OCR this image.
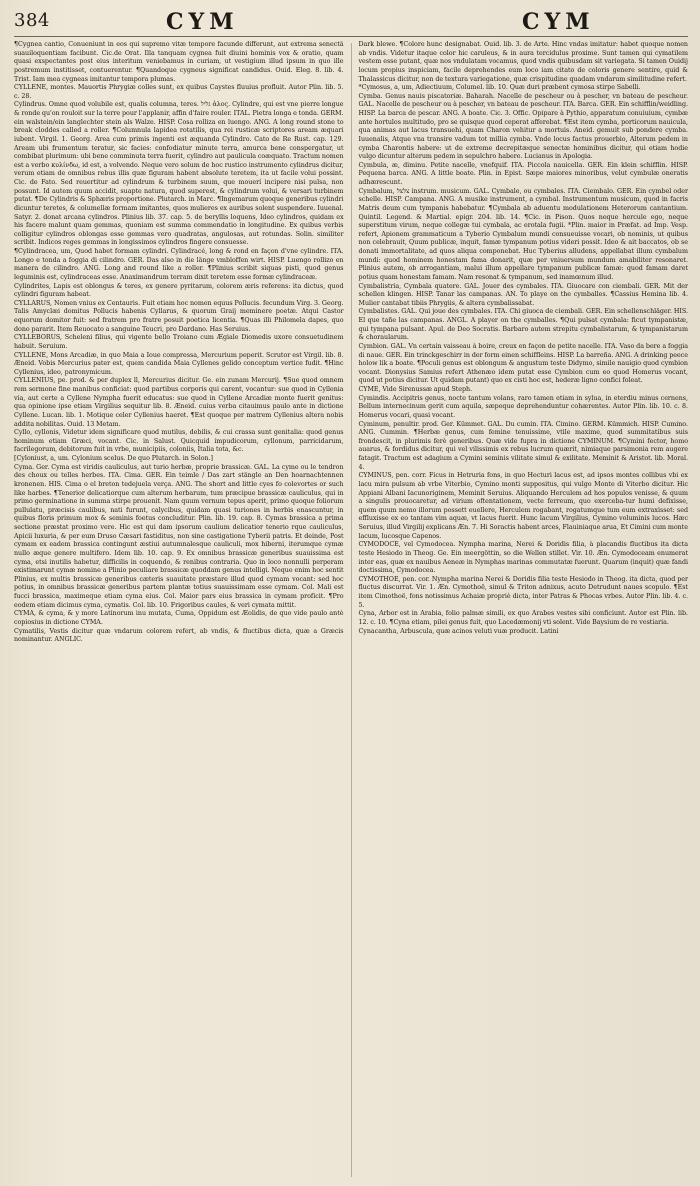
384	CYM	CYM

¶Cygnea cantio, Conueniunt in eos qui supremo vitæ tempore facunde differunt, aut extrema senectâ suauiloquentiam facibunt. Cic.de Orat. Illa tanquam cygnea fuit diuini hominis vox & oratio, quam quasi exspectantes post eius interitum veniebamus in curiam, ut vestigium illud ipsum in quo ille postremum institisset, contuerentur. ¶Quandoque cygneus significat candidus. Ouid. Eleg. 8. lib. 4. Trist. Iam mea cygneas imitantur tempora plumas.

CYLLENE, montes. Mauortis Phrygiæ colles sunt, ex quibus Caystes fluuius profluit. Autor Plin. lib. 5. c. 28.

Cylindrus. Omne quod volubile est, qualis columna, teres. גליל ἁλος. Cylindre, qui est vne pierre longue & ronde qu'on rouloit sur la terre pour l'applanir, affin d'faire rouler. ITAL. Pietra longa e tonda. GERM. ein walstein/ein langlechter stein als Walze. HISP. Cosa rolliza en luengo. ANG. A long round stone to break cloddes called a roller. ¶Columnula lapidea rotatilis, qua rei rusticæ scriptores aream æquari iubent. Virgil. 1. Georg. Area cum primis ingenti est æquanda Cylindro. Cato de Re Rust. cap. 129. Aream ubi frumentum teratur, sic facies: confodiatur minute terra, amurca bene conspergatur, ut combibat plurimum: ubi bene comminuta terra fuerit, cylindro aut paulicula coæquato. Tractum nomen est a verbo κυλίνδω, id est, a volvendo. Neque vero solum de hoc rustico instrumento cylindrus dicitur, verum etiam de omnibus rebus illis quæ figuram habent absolute teretem, ita ut facile volui possint. Cic. de Fato. Sed reuertitur ad cylindrum & turbinem suum, que mouerí incipere nisi pulsa, non possunt. Id autem quum accidit, suapte natura, quod superest, & cylindrum volui, & versari turbinem putat. ¶De Cylindris & Sphæris proportione. Plutarch. in Marc. ¶Ingemarum quoque generibus cylindri dicuntur teretes, & columellæ formam imitantes, quos mulieres ex auribus solent suspendere. Iuuenal. Satyr. 2. donat arcana cylindros. Plinius lib. 37. cap. 5. de beryllis loquens, Ideo cylindros, quidam ex his facere malunt quam gemmas, quoniam est summa commendatio in longitudine. Ex quibus verbis colligitur cylindros oblongas esse gemmas vero quadratas, angulosas, aut rotundas. Solin. similiter scribit. Indicos reges gemmas in longissimos cylindros fingere consuesse.

¶Cylindracea, um, Quod habet formam cylindri. Cylindracé, long & rond en façon d'vne cylindre. ITA. Longo e tonda a foggia di cilindro. GER. Das also in die länge vmbloffen wirt. HISP. Luengo rollizo en manera de cilindro. ANG. Long and round like a roller. ¶Plinius scribit siquas pisti, quod genus leguminis est, cylindraceas esse. Anaximandrum terram dixit teretem esse formæ cylindraceæ.

Cylindrites, Lapis est oblongus & teres, ex genere pyritarum, colorem æris referens: ita dictus, quod cylindri figuram habeat.

CYLLARUS, Nomen vnius ex Centauris. Fuit etiam hoc nomen equus Pollucis. fecundum Virg. 3. Georg. Talis Amyclæi domitus Pollucis habenis Cyllarus, & quorum Graij meminere poetæ. Atqui Castor equorum domitor fuit: sed fratrem pro fratre posuit poetica licentia. ¶Quas illi Philomela dapes, quo dono pararit. Item Reuocato a sanguine Teucri, pro Dardano. Has Seruius.

CYLLEBORUS, Scheleni filius, qui vigente bello Troiano cum Ægiale Diomedis uxore consuetudinem habuit. Seruium.

CYLLENE, Mons Arcadiæ, in quo Maia a Ioue compressa, Mercurium peperit. Scrutor est Virgil. lib. 8. Æneid. Vobis Mercurius pater est, quem candida Maia Cyllenes gelido conceptum vertice fudit. ¶Hinc Cyllenius, ideo, patronymicum.

CYLLENIUS, pe. prod. & per duplex ll, Mercurius dicitur. Ge. ein zunam Mercurij. ¶Sue quod omnem rem sermone fine manibus conficiat: quod partibus corporis qui carent, vocantur: sue quod in Cyllenia via, aut certe a Cyllene Nympha fuerit educatus: sue quod in Cyllene Arcadiæ monte fuerit genitus: qua opinione ipse etiam Virgilius sequitur lib. 8. Æneid. cuius verba citauimus paulo ante in dictione Cyllene. Lucan. lib. 1. Motique celer Cyllenius haeret. ¶Est quoque per matrem Cyllenius altera nobis addita nobilitas. Ouid. 13 Metam.

Cyllo, cyllonis, Videtur idem significare quod mutilus, debilis, & cui crassa sunt genitalia: quod genus hominum etiam Græci, vocant. Cic. in Salust. Quicquid impudicorum, cyllonum, parricidarum, facrilegorum, debitorum fuit in vrbe, municipiis, coloniis, Italia tota, &c.

[Cyloniust, a, um. Cylonium scelus. De quo Plutarch. in Solon.]

Cyma. Ger. Cyma est viridis cauliculus, aut turio herbæ, proprie brassicæ. GAL. La cyme ou le tendron des choux ou telles herbes. ITA. Cima. GER. Ein teimle / Das zart stängle an Den hoarnachtennen kronenen. HIS. Cima o el breton tedejuela verça. ANG. The short and little cyes fo colevortes or such like harbes. ¶Tenerior delicatiorque cum alterum herbarum, tum præcipue brassicæ cauliculus, qui in primo germinatione in summa stirpe prouenit. Nam quum vernum tepus aperit, primo quoque foliorum pullulatu, præcisis caulibus, nati furunt, calycibus, quidam quasi turiones in herbis enascuntur, in quibus floris primum mox & seminis foetus concluditur. Plin. lib. 19. cap. 8. Cymas brassica a prima sectione præstat proximo vere. Hic est qui dam ipsorum caulium delicatior tenerio rque cauliculus, Apicii luxuria, & per eum Druso Cæsari fastiditus, non sine castigatione Tyberii patris. Et deinde, Post cymam ex eadem brassica contingunt æstiui autumnalesque cauliculi, mox hiberni, iterumque cymæ nullo æque genere multifero. Idem lib. 10. cap. 9. Ex omnibus brassicæ generibus suauissima est cyma, etsi inutilis habetur, difficilis in coquendo, & renibus contraria. Quo in loco nonnulli perperam existimarunt cymæ nomine a Plinio peculiare brassicæ quoddam genus intelligi. Neque enim hoc sentit Plinius, ex multis brassicæ generibus cæteris suauitate præstare illud quod cymam vocant: sed hoc potius, in omnibus brassicæ generibus partem plantæ totius suauissimam esse cymam. Col. Mali est fucci brassica, maximeque etiam cyma eius. Col. Maior pars eius brassica in cymam proficit. ¶Pro eodem etiam dicimus cyma, cymatis. Col. lib. 10. Frigoribus caules, & veri cymata mittit.

CYMA, & cyma, & y more Latinorum inu mutata, Cuma, Oppidum est Æolidis, de quo vide paulo antè copiosius in dictione CYMA.

Cymatilis, Vestis dicitur quæ vndarum colorem refert, ab vndis, & fluctibus dicta, quæ a Græcis nominantur. ANGLIC.

Dark blewe. ¶Colore hunc designabat. Ouid. lib. 3. de Arte. Hinc vndas imitatur: habet quoque nomen ab vndis. Videtur itaque color hic caruleus, & in aura tercidulus proxime. Sunt tamen qui cymatilem vestem esse putant, quæ nos vndulatam vocamus, quod vndis quibusdam sit variegata. Si tamen Ouidij locum propius inspiciam, facile deprehendes eum loco iam citato de coloris genere sentire, quid & Thalassicus dicitur, non de textura variegatione, quæ crispitudine quadam vndarum similitudine refert.

*Cymosus, a, um, Adiectiuum, Columel. lib. 10. Quæ duri præbent cymosa stirpe Sabelli.

Cymba. Genus nauis piscatoriæ. Baharah. Nacelle de pescheur ou à pescher, vn bateau de pescheur. GAL. Nacelle de pescheur ou à pescher, vn bateau de pescheur. ITA. Barca. GER. Ein schifflin/weidling. HISP. La barca de pescar. ANG. A boate. Cic. 3. Offic. Opipare à Pythio, apparatum conuiuium, cymbæ ante hortulos multitudo, pro se quisque quod ceperat afferebat. ¶Est item cymba, porticorum nauicula, qua animas aut lacus transuehi, quam Charon vehitur a mortuis. Aneid. gemuit sub pondere cymba. Iuuenalis, Atque vna transire vadum tot millia cymba. Vnde locus factus prouerbio, Alterum pedem in cymba Charontis habere: ut de extreme decrepitæque senectæ hominibus dicitur, qui etiam hodie vulgo dicuntur alterum pedem in sepulchro habere. Lucianus in Apologia.

Cymbula, æ, diminu. Petite nacelle, vnefquif. ITA. Piccola nauicella. GER. Ein klein schifflin. HISP. Pequena barca. ANG. A little boate. Plin. in Epist. Sæpe maiores minoribus, velut cymbulæ oneratis adhærescunt.

Cymbalum, צלצל instrum. musicum. GAL. Cymbale, ou cymbales. ITA. Ciembalo. GER. Ein cymbel oder schelle. HISP. Campana. ANG. A musike instrument, a cymbal. Instrumentum musicum, quod in facris Matris deum cum tympanis habebatur. ¶Cymbala ab aduentu modulationem Heterorum cantantium. Quintil. Legend. & Martial. epigr. 204. lib. 14. ¶Cic. in Pison. Quos neque hercule ego, neque superstitum virum, neque collegæ tui cymbala, ac erotala fugii. *Plin. maior in Præfat. ad Imp. Vesp. refert, Apionem grammaticum a Tyberio Cymbalum mundi consueuisse vocari, ob nominis, ut quibus non celebrauit, Quum publicæ, inquit, famæ tympanum potius videri possit. Ideo & ait baccatos, ob se donati immortalitate, ad quos aliqua componebat. Huc Tyberius alludens, appellabat illum cymbalum mundi: quod hominem honestam fama donarit, quæ per vniuersum mundum amabiliter resonaret. Plinius autem, ob arrogantiam, malui illum appellare tympanum publicæ famæ: quod famam daret potius quam honestam famam. Nam resonat & tympanum, sed inamœnum illud.

Cymbalistria, Cymbala quatere. GAL. Jouer des cymbales. ITA. Giuocare con ciembali. GER. Mit der schellen klingen. HISP. Tanar las campanas. AN. To playe on the cymballes. ¶Cassius Hemina lib. 4. Mulier cantabat tibiis Phrygiis, & altera cymbalissabat.

Cymbalistes. GAL. Qui joue des cymbales. ITA. Chi giuoca de ciembali. GER. Ein schellenschläger. HIS. El que tañe las campanas. ANGL. A player on the cymballes. ¶Qui pulsat cymbala: ficut tympanistæ, qui tympana pulsant. Apul. de Deo Socratis. Barbaro autem strepitu cymbalistarum, & tympanistarum & choraularum.

Cymbion. GAL. Vn certain vaisseau à boire, creux en façon de petite nacelle. ITA. Vaso da bere a foggia di naue. GER. Ein trinckgeschirr in der form einen schiffleins. HISP. La barreña. ANG. A drinking peece holow lik a boate. ¶Poculi genus est oblongum & angustum teste Didymo, simile nauigio quod cymbion vocant. Dionysius Samius refert Athenæo idem putat esse Cymbion cum eo quod Homerus vocant, quod ut potius dicitur. Ut quidam putant) quo ex cisti hoc est, hederæ ligno confici foleat.

CYME, Vide Sirenussæ apud Steph.

Cymindis. Accipitris genus, nocte tantum volans, raro tamen etiam in sylua, in eterdiu minus cernens, Bellum internecinum gerit cum aquila, sæpeque deprehenduntur cohærentes. Autor Plin. lib. 10. c. 8. Homerus vocari, quasi vocant.

Cyminum, penultir. prod. Ger. Kümmet. GAL. Du cumin. ITA. Cimino. GERM. Kümmich. HISP. Cumino. ANG. Cummin. ¶Herbæ genus, cum femine tenuissime, vtile maxime, quod summitatibus suis frondescit, in plurimis ferè generibus. Quæ vide fupra in dictione CYMINUM. ¶Cymini fector, homo auarus, & fordidus dicitur, qui vel vilissimis ex rebus lucrum quærit, nimiaque parsimonia rem augere fatagit. Tractum est adagium a Cymini seminis vilitate simul & exilitate. Meminit & Aristot. lib. Moral. 4.

CYMINUS, pen. corr. Ficus in Hetruria fons, in quo Hecturi lacus est, ad ipsos montes collibus vbi ex lacu mira pulsum ab vrbe Viterbio, Cymino monti suppositus, qui vulgo Monte di Viterbo dicitur. Hic Appiani Albani Iacunoriginem, Meminit Seruius. Aliquando Herculem ad hos populos venisse, & quum a singulis prouocaretur, ad virium oftentationem, vecte ferreum, quo exerceba-tur humi defixisse, quem quum nemo illorum possett euellere, Herculem rogabant, rogatumque tum eum extraxisset: sed effluxisse ex eo tantam vim aquæ, vt lacus fuerit. Hunc lacum Virgilius, Cymino voluminis lucos. Hæc Seruius, illud Virgilij explicans Æn. 7. Hi Soractis habent arces, Flauiniaque arua, Et Cimini cum monte lacum, lucosque Capenos.

CYMODOCE, vel Cymodocea. Nympha marina, Nerei & Doridis filia, à placandis fluctibus ita dicta teste Hesiodo in Theog. Ge. Ein meergöttin, so die Wellen stillet. Vir. 10. Æn. Cymodoceam enumerat inter eas, quæ ex nauibus Aeneæ in Nymphas marinas commutatæ fuerunt. Quarum (inquit) quæ fandi doctissima, Cymodocea.

CYMOTHOE, pen. cor. Nympha marina Nerei & Doridis filia teste Hesiodo in Theog. ita dicta, quod per fluctus discurrat. Vir. 1. Æn. Cymothoë, simul & Triton adnixus, acuto Detrudunt naues scopulo. ¶Est item Cimothoë, fons notissimus Achaiæ propriè dicta, inter Patras & Phocas vrbes. Autor Plin. lib. 4. c. 5.

Cyna, Arbor est in Arabia, folio palmæ simili, ex quo Arabes vestes sibi conficiunt. Autor est Plin. lib. 12. c. 10. ¶Cyna etiam, pilei genus fuit, quo Lacedæmonij vti solent. Vide Baysium de re vestiaria.

Cynacantha, Arbuscula, quæ acinos veluti vuæ producit. Latini
